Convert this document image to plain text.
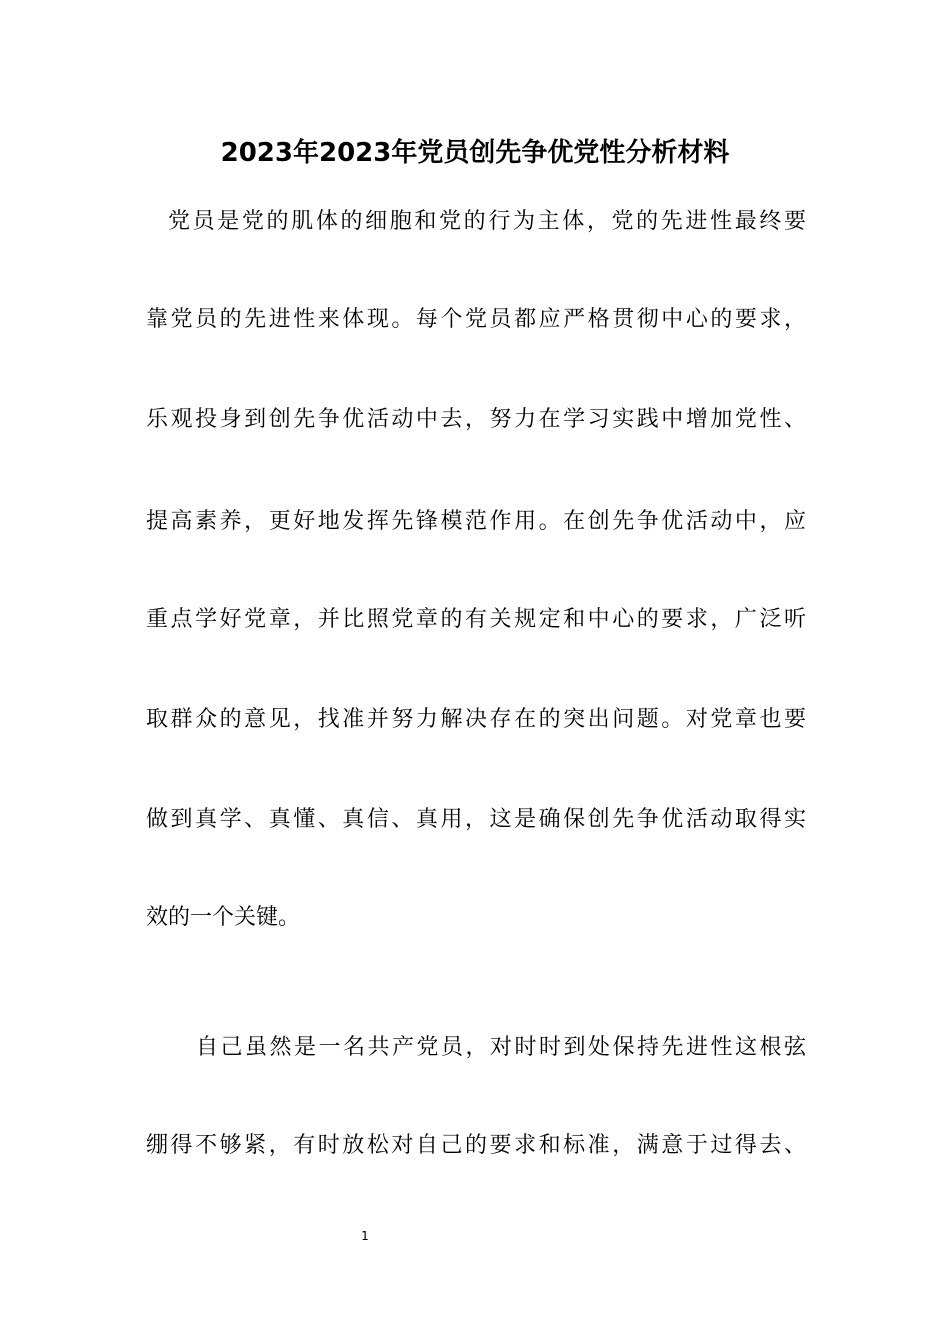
2023年2023年党员创先争优党性分析材料
党员是党的肌体的细胞和党的行为主体，党的先进性最终要
靠党员的先进性来体现。每个党员都应严格贯彻中心的要求，
乐观投身到创先争优活动中去，努力在学习实践中增加党性、
提高素养，更好地发挥先锋模范作用。在创先争优活动中，应
重点学好党章，并比照党章的有关规定和中心的要求，广泛听
取群众的意见，找准并努力解决存在的突出问题。对党章也要
做到真学、真懂、真信、真用，这是确保创先争优活动取得实
效的一个关键。
自己虽然是一名共产党员，对时时到处保持先进性这根弦
绷得不够紧，有时放松对自己的要求和标准，满意于过得去、
1
